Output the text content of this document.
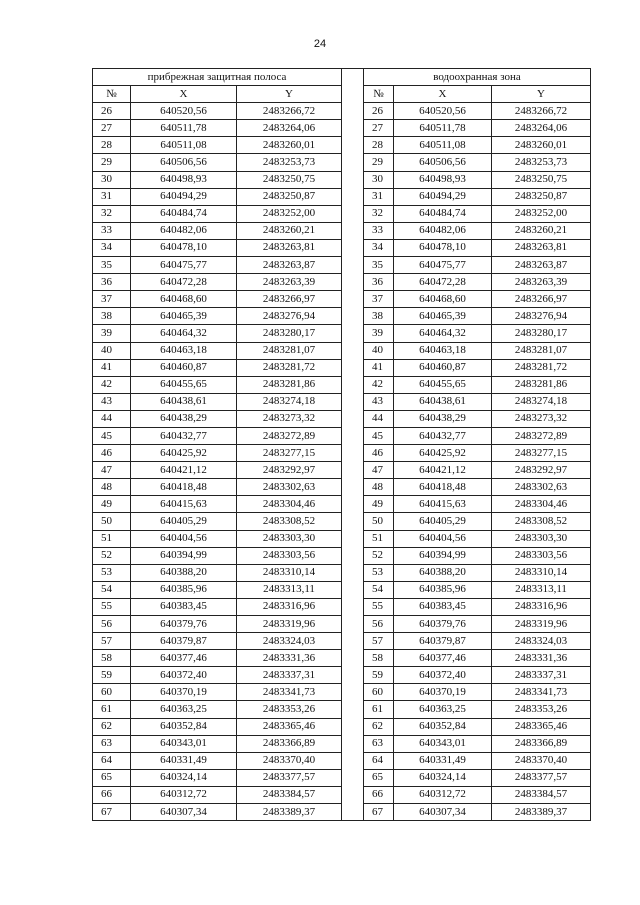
24
прибрежная защитная полоса				водоохранная зона		
№	X	Y		№	X	Y
26	640520,56	2483266,72		26	640520,56	2483266,72
27	640511,78	2483264,06		27	640511,78	2483264,06
28	640511,08	2483260,01		28	640511,08	2483260,01
29	640506,56	2483253,73		29	640506,56	2483253,73
30	640498,93	2483250,75		30	640498,93	2483250,75
31	640494,29	2483250,87		31	640494,29	2483250,87
32	640484,74	2483252,00		32	640484,74	2483252,00
33	640482,06	2483260,21		33	640482,06	2483260,21
34	640478,10	2483263,81		34	640478,10	2483263,81
35	640475,77	2483263,87		35	640475,77	2483263,87
36	640472,28	2483263,39		36	640472,28	2483263,39
37	640468,60	2483266,97		37	640468,60	2483266,97
38	640465,39	2483276,94		38	640465,39	2483276,94
39	640464,32	2483280,17		39	640464,32	2483280,17
40	640463,18	2483281,07		40	640463,18	2483281,07
41	640460,87	2483281,72		41	640460,87	2483281,72
42	640455,65	2483281,86		42	640455,65	2483281,86
43	640438,61	2483274,18		43	640438,61	2483274,18
44	640438,29	2483273,32		44	640438,29	2483273,32
45	640432,77	2483272,89		45	640432,77	2483272,89
46	640425,92	2483277,15		46	640425,92	2483277,15
47	640421,12	2483292,97		47	640421,12	2483292,97
48	640418,48	2483302,63		48	640418,48	2483302,63
49	640415,63	2483304,46		49	640415,63	2483304,46
50	640405,29	2483308,52		50	640405,29	2483308,52
51	640404,56	2483303,30		51	640404,56	2483303,30
52	640394,99	2483303,56		52	640394,99	2483303,56
53	640388,20	2483310,14		53	640388,20	2483310,14
54	640385,96	2483313,11		54	640385,96	2483313,11
55	640383,45	2483316,96		55	640383,45	2483316,96
56	640379,76	2483319,96		56	640379,76	2483319,96
57	640379,87	2483324,03		57	640379,87	2483324,03
58	640377,46	2483331,36		58	640377,46	2483331,36
59	640372,40	2483337,31		59	640372,40	2483337,31
60	640370,19	2483341,73		60	640370,19	2483341,73
61	640363,25	2483353,26		61	640363,25	2483353,26
62	640352,84	2483365,46		62	640352,84	2483365,46
63	640343,01	2483366,89		63	640343,01	2483366,89
64	640331,49	2483370,40		64	640331,49	2483370,40
65	640324,14	2483377,57		65	640324,14	2483377,57
66	640312,72	2483384,57		66	640312,72	2483384,57
67	640307,34	2483389,37		67	640307,34	2483389,37
